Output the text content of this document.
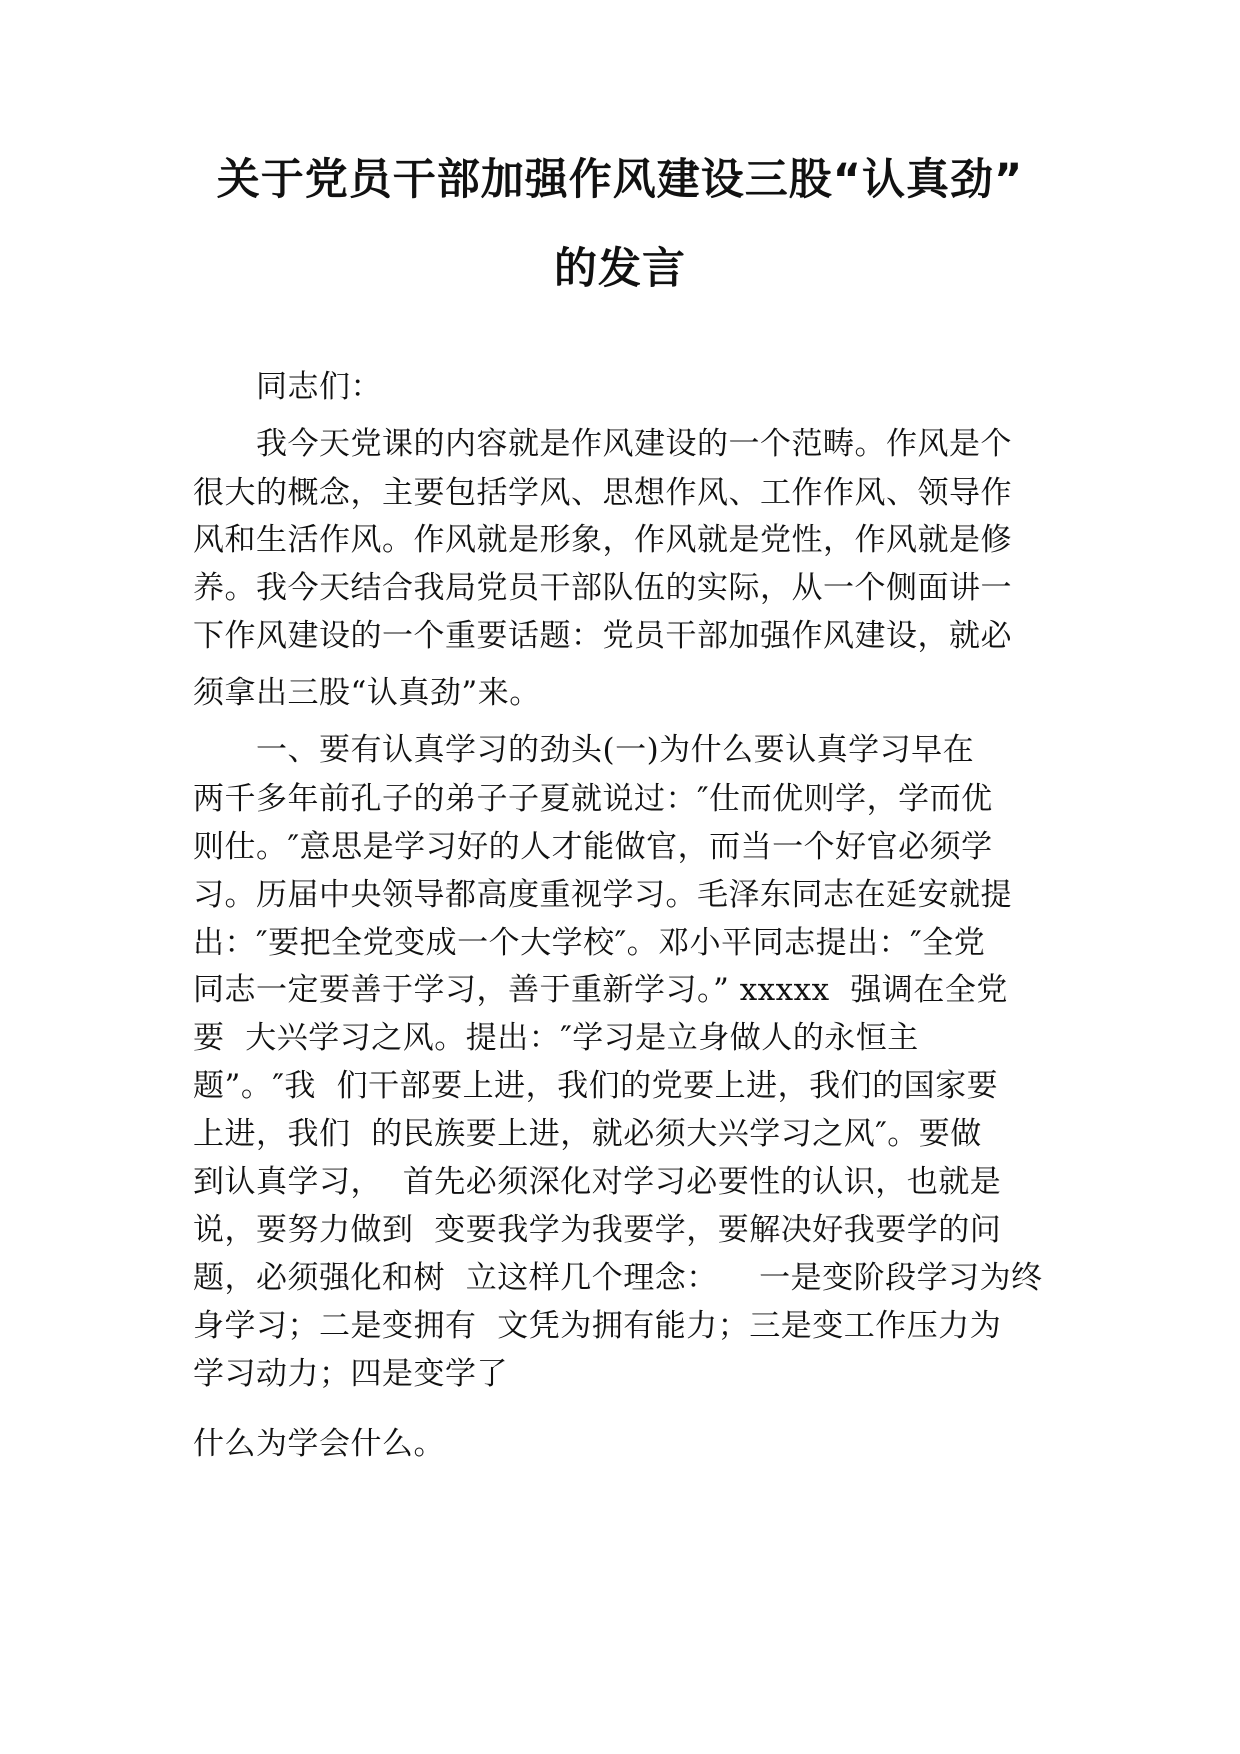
关于党员干部加强作风建设三股“认真劲”
的发言
　　同志们：
　　我今天党课的内容就是作风建设的一个范畴。作风是个
很大的概念，主要包括学风、思想作风、工作作风、领导作
风和生活作风。作风就是形象，作风就是党性，作风就是修
养。我今天结合我局党员干部队伍的实际，从一个侧面讲一
下作风建设的一个重要话题：党员干部加强作风建设，就必
须拿出三股“认真劲”来。
　　一、要有认真学习的劲头(一)为什么要认真学习早在
两千多年前孔子的弟子子夏就说过：″仕而优则学，学而优
则仕。″意思是学习好的人才能做官，而当一个好官必须学
习。历届中央领导都高度重视学习。毛泽东同志在延安就提
出：″要把全党变成一个大学校″。邓小平同志提出：″全党
同志一定要善于学习，善于重新学习。” xxxxx  强调在全党
要  大兴学习之风。提出：″学习是立身做人的永恒主
题”。″我  们干部要上进，我们的党要上进，我们的国家要
上进，我们  的民族要上进，就必须大兴学习之风″。要做
到认真学习，  首先必须深化对学习必要性的认识，也就是
说，要努力做到  变要我学为我要学，要解决好我要学的问
题，必须强化和树  立这样几个理念：    一是变阶段学习为终
身学习；二是变拥有  文凭为拥有能力；三是变工作压力为
学习动力；四是变学了
什么为学会什么。
